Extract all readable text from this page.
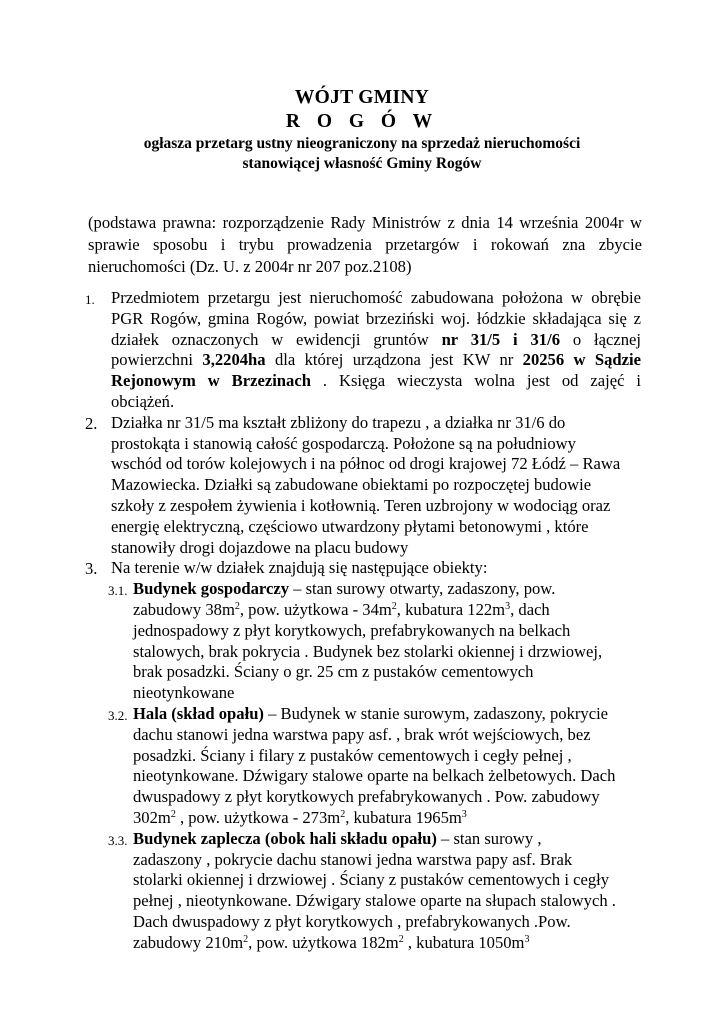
WÓJT GMINY
R O G Ó W
ogłasza przetarg ustny nieograniczony na sprzedaż nieruchomości
stanowiącej własność Gminy Rogów
(podstawa prawna: rozporządzenie Rady Ministrów z dnia 14 września 2004r w
sprawie sposobu i trybu prowadzenia przetargów i rokowań zna zbycie
nieruchomości (Dz. U. z 2004r nr 207 poz.2108)
1. Przedmiotem przetargu jest nieruchomość zabudowana położona w obrębie
PGR Rogów, gmina Rogów, powiat brzeziński woj. łódzkie składająca się z
działek oznaczonych w ewidencji gruntów nr 31/5 i 31/6 o łącznej
powierzchni 3,2204ha dla której urządzona jest KW nr 20256 w Sądzie
Rejonowym w Brzezinach . Księga wieczysta wolna jest od zajęć i
obciążeń.
2. Działka nr 31/5 ma kształt zbliżony do trapezu , a działka nr 31/6 do
prostokąta i stanowią całość gospodarczą. Położone są na południowy
wschód od torów kolejowych i na północ od drogi krajowej 72 Łódź – Rawa
Mazowiecka. Działki są zabudowane obiektami po rozpoczętej budowie
szkoły z zespołem żywienia i kotłownią. Teren uzbrojony w wodociąg oraz
energię elektryczną, częściowo utwardzony płytami betonowymi , które
stanowiły drogi dojazdowe na placu budowy
3. Na terenie w/w działek znajdują się następujące obiekty:
3.1. Budynek gospodarczy – stan surowy otwarty, zadaszony, pow.
zabudowy $38m^2$, pow. użytkowa - $34m^2$, kubatura $122m^3$, dach
jednospadowy z płyt korytkowych, prefabrykowanych na belkach
stalowych, brak pokrycia . Budynek bez stolarki okiennej i drzwiowej,
brak posadzki. Ściany o gr. 25 cm z pustaków cementowych
nieotynkowane
3.2. Hala (skład opału) – Budynek w stanie surowym, zadaszony, pokrycie
dachu stanowi jedna warstwa papy asf. , brak wrót wejściowych, bez
posadzki. Ściany i filary z pustaków cementowych i cegły pełnej ,
nieotynkowane. Dźwigary stalowe oparte na belkach żelbetowych. Dach
dwuspadowy z płyt korytkowych prefabrykowanych . Pow. zabudowy
$302m^2$ , pow. użytkowa - $273m^2$, kubatura $1965m^3$
3.3. Budynek zaplecza (obok hali składu opału) – stan surowy ,
zadaszony , pokrycie dachu stanowi jedna warstwa papy asf. Brak
stolarki okiennej i drzwiowej . Ściany z pustaków cementowych i cegły
pełnej , nieotynkowane. Dźwigary stalowe oparte na słupach stalowych .
Dach dwuspadowy z płyt korytkowych , prefabrykowanych .Pow.
zabudowy $210m^2$, pow. użytkowa $182m^2$ , kubatura $1050m^3$
